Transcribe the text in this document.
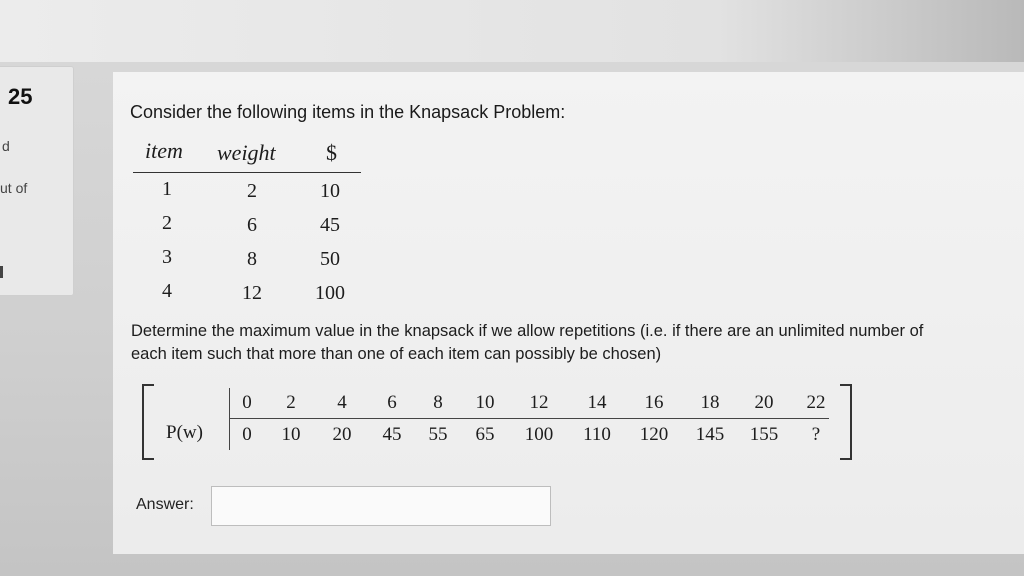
25
d
ut of
Consider the following items in the Knapsack Problem:
item weight $
1	2	10
2	6	45
3	8	50
4	12	100
Determine the maximum value in the knapsack if we allow repetitions (i.e. if there are an unlimited number of each item such that more than one of each item can possibly be chosen)
P(w)
0	2	4	6	8	10	12	14	16	18	20	22
0	10	20	45	55	65	100	110	120	145	155	?
Answer:
